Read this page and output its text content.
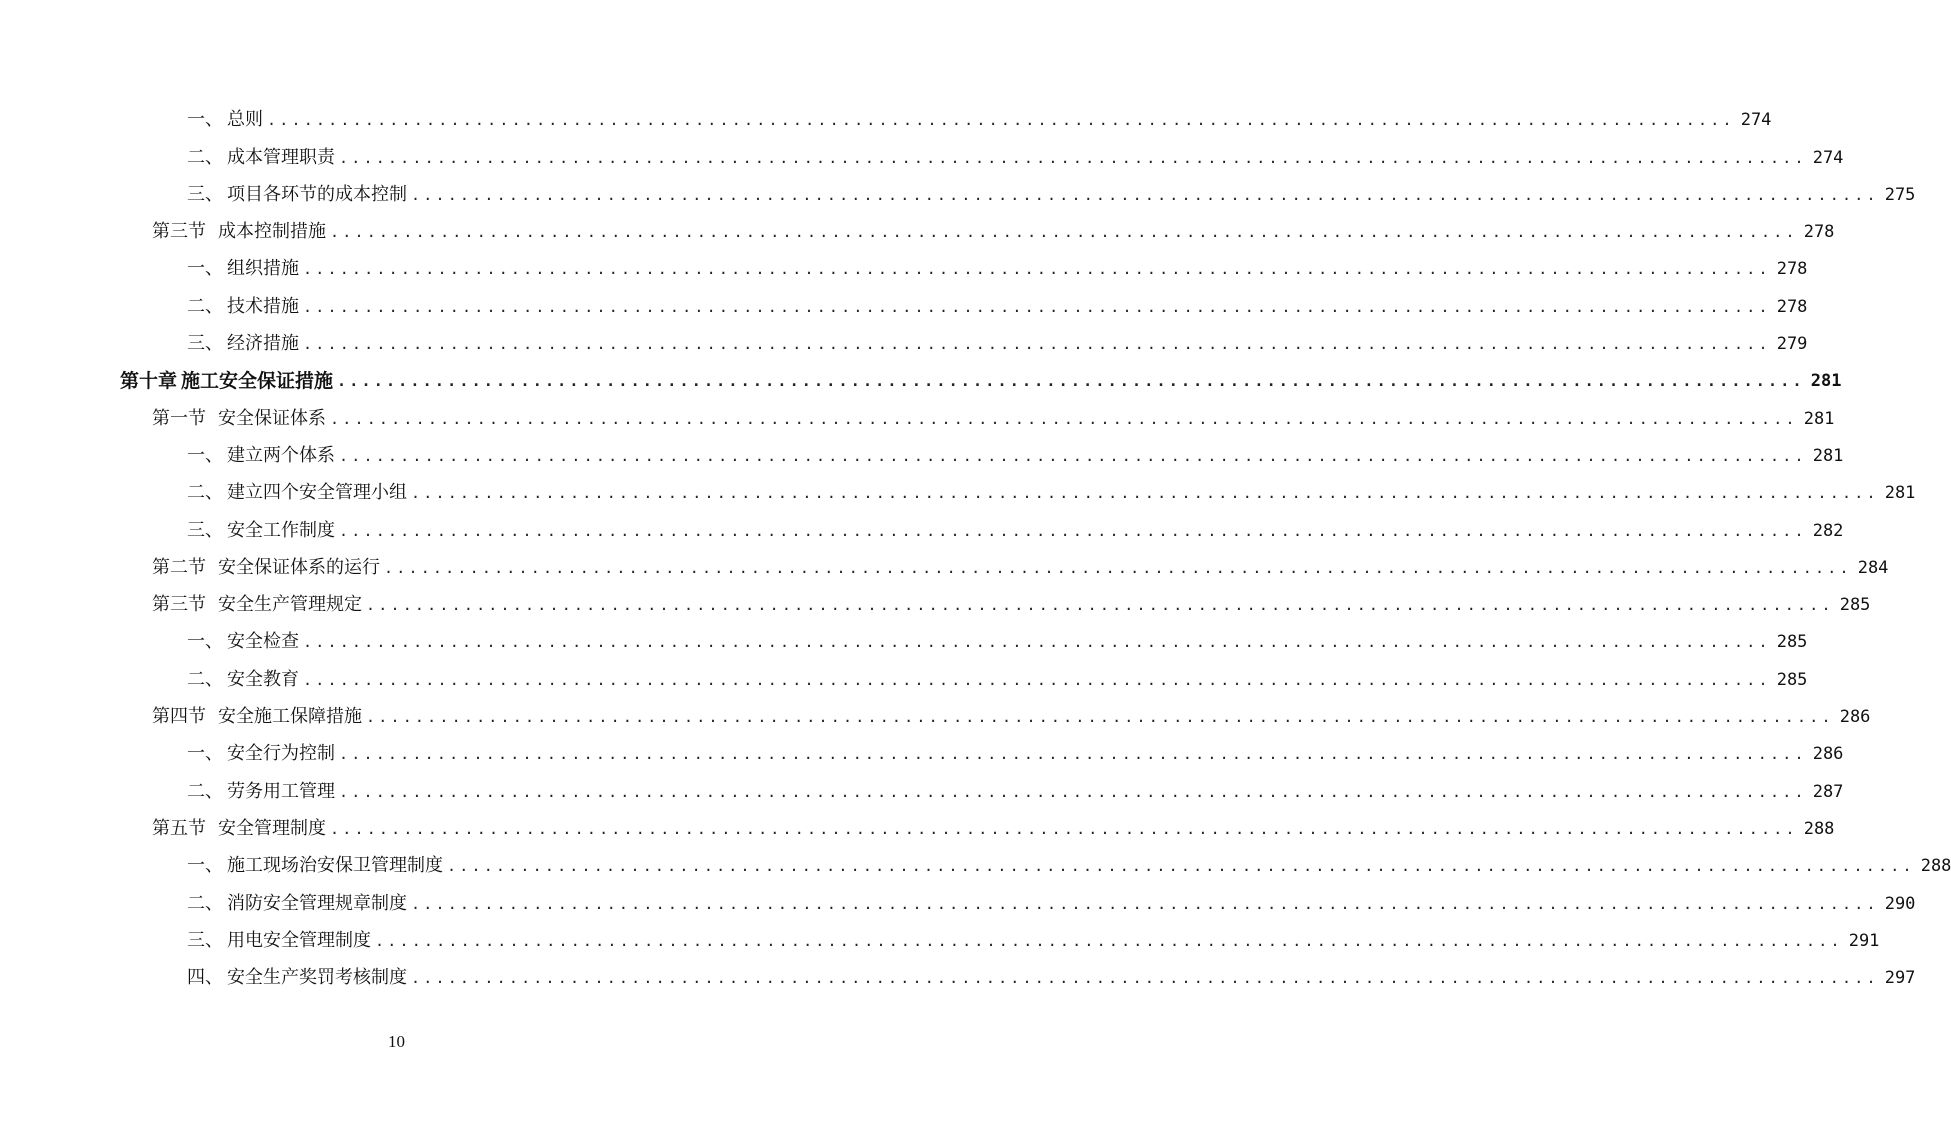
一、 总则 ........................................................................................................................ 274
二、 成本管理职责 ........................................................................................................................ 274
三、 项目各环节的成本控制 ........................................................................................................................ 275
第三节 成本控制措施 ........................................................................................................................ 278
一、 组织措施 ........................................................................................................................ 278
二、 技术措施 ........................................................................................................................ 278
三、 经济措施 ........................................................................................................................ 279
第十章 施工安全保证措施 ........................................................................................................................ 281
第一节 安全保证体系 ........................................................................................................................ 281
一、 建立两个体系 ........................................................................................................................ 281
二、 建立四个安全管理小组 ........................................................................................................................ 281
三、 安全工作制度 ........................................................................................................................ 282
第二节 安全保证体系的运行 ........................................................................................................................ 284
第三节 安全生产管理规定 ........................................................................................................................ 285
一、 安全检查 ........................................................................................................................ 285
二、 安全教育 ........................................................................................................................ 285
第四节 安全施工保障措施 ........................................................................................................................ 286
一、 安全行为控制 ........................................................................................................................ 286
二、 劳务用工管理 ........................................................................................................................ 287
第五节 安全管理制度 ........................................................................................................................ 288
一、 施工现场治安保卫管理制度 ........................................................................................................................ 288
二、 消防安全管理规章制度 ........................................................................................................................ 290
三、 用电安全管理制度 ........................................................................................................................ 291
四、 安全生产奖罚考核制度 ........................................................................................................................ 297
10
